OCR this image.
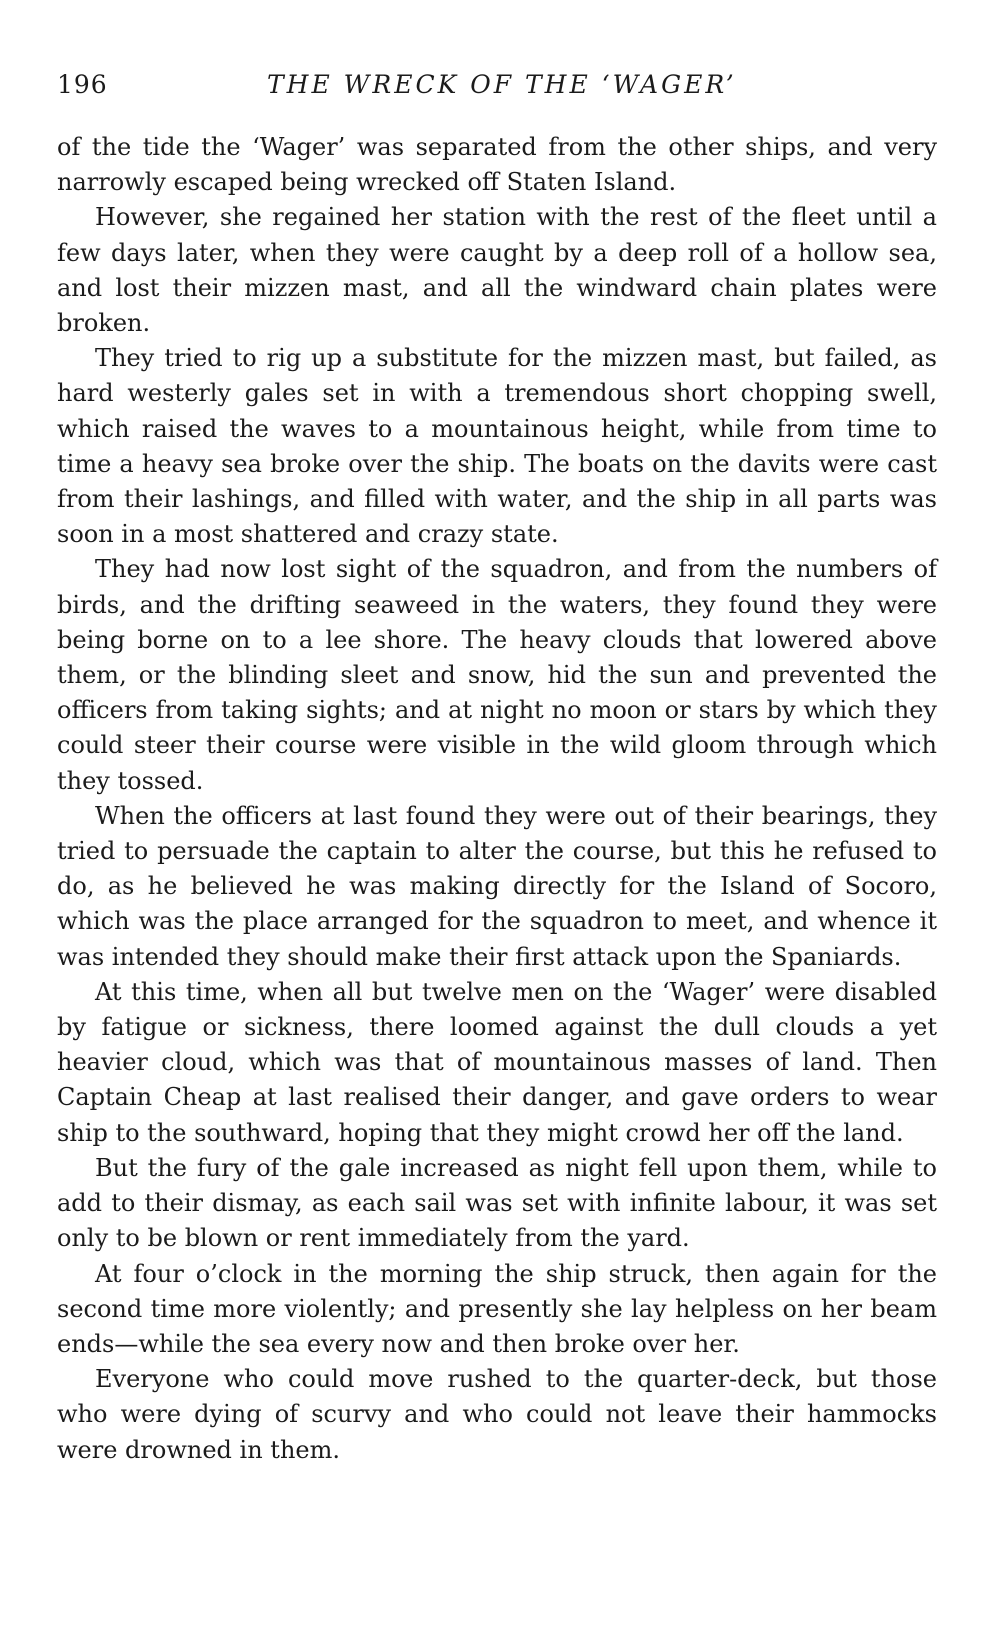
196	THE WRECK OF THE ‘WAGER’

of the tide the ‘Wager’ was separated from the other ships, and very narrowly escaped being wrecked off Staten Island.

However, she regained her station with the rest of the fleet until a few days later, when they were caught by a deep roll of a hollow sea, and lost their mizzen mast, and all the windward chain plates were broken.

They tried to rig up a substitute for the mizzen mast, but failed, as hard westerly gales set in with a tremendous short chopping swell, which raised the waves to a mountainous height, while from time to time a heavy sea broke over the ship. The boats on the davits were cast from their lashings, and filled with water, and the ship in all parts was soon in a most shattered and crazy state.

They had now lost sight of the squadron, and from the numbers of birds, and the drifting seaweed in the waters, they found they were being borne on to a lee shore. The heavy clouds that lowered above them, or the blinding sleet and snow, hid the sun and prevented the officers from taking sights; and at night no moon or stars by which they could steer their course were visible in the wild gloom through which they tossed.

When the officers at last found they were out of their bearings, they tried to persuade the captain to alter the course, but this he refused to do, as he believed he was making directly for the Island of Socoro, which was the place arranged for the squadron to meet, and whence it was intended they should make their first attack upon the Spaniards.

At this time, when all but twelve men on the ‘Wager’ were disabled by fatigue or sickness, there loomed against the dull clouds a yet heavier cloud, which was that of mountainous masses of land. Then Captain Cheap at last realised their danger, and gave orders to wear ship to the southward, hoping that they might crowd her off the land.

But the fury of the gale increased as night fell upon them, while to add to their dismay, as each sail was set with infinite labour, it was set only to be blown or rent immediately from the yard.

At four o’clock in the morning the ship struck, then again for the second time more violently; and presently she lay helpless on her beam ends—while the sea every now and then broke over her.

Everyone who could move rushed to the quarter-deck, but those who were dying of scurvy and who could not leave their hammocks were drowned in them.
